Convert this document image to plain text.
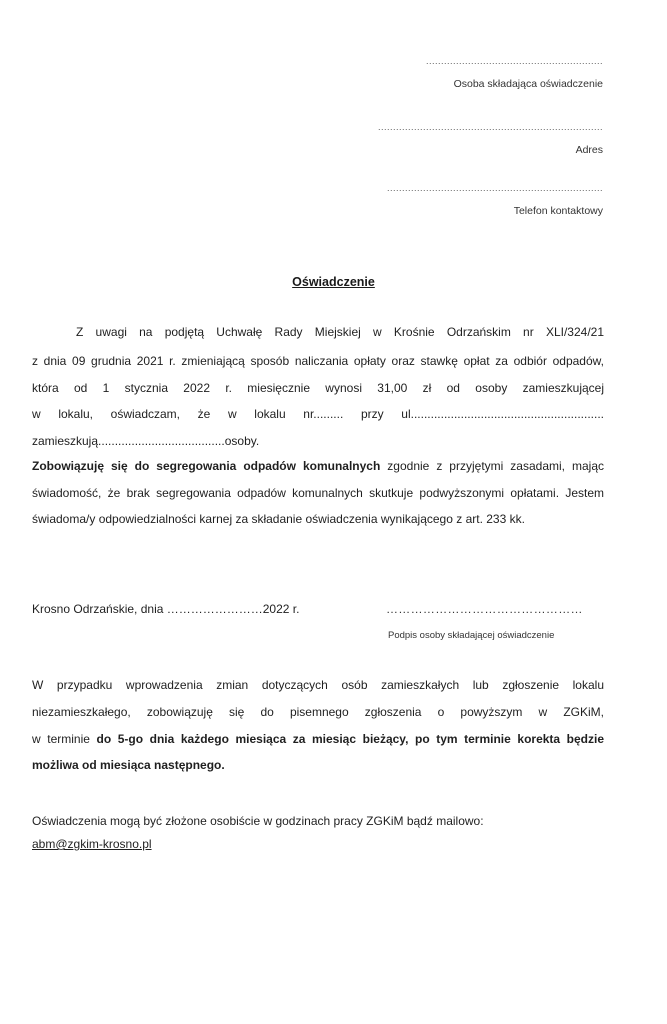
...........................................................
Osoba składająca oświadczenie
...........................................................................
Adres
........................................................................
Telefon kontaktowy
Oświadczenie
Z uwagi na podjętą Uchwałę Rady Miejskiej w Krośnie Odrzańskim nr XLI/324/21
z dnia 09 grudnia 2021 r. zmieniającą sposób naliczania opłaty oraz stawkę opłat za odbiór odpadów,
która od 1 stycznia 2022 r. miesięcznie wynosi 31,00 zł od osoby zamieszkującej
w lokalu, oświadczam, że w lokalu nr......... przy ul..........................................................
zamieszkują......................................osoby.
Zobowiązuję się do segregowania odpadów komunalnych zgodnie z przyjętymi zasadami, mając
świadomość, że brak segregowania odpadów komunalnych skutkuje podwyższonymi opłatami. Jestem
świadoma/y odpowiedzialności karnej za składanie oświadczenia wynikającego z art. 233 kk.
Krosno Odrzańskie, dnia ……………………2022 r.	…………………………………………
Podpis osoby składającej oświadczenie
W przypadku wprowadzenia zmian dotyczących osób zamieszkałych lub zgłoszenie lokalu
niezamieszkałego, zobowiązuję się do pisemnego zgłoszenia o powyższym w ZGKiM,
w terminie do 5-go dnia każdego miesiąca za miesiąc bieżący, po tym terminie korekta będzie
możliwa od miesiąca następnego.
Oświadczenia mogą być złożone osobiście w godzinach pracy ZGKiM bądź mailowo:
abm@zgkim-krosno.pl
